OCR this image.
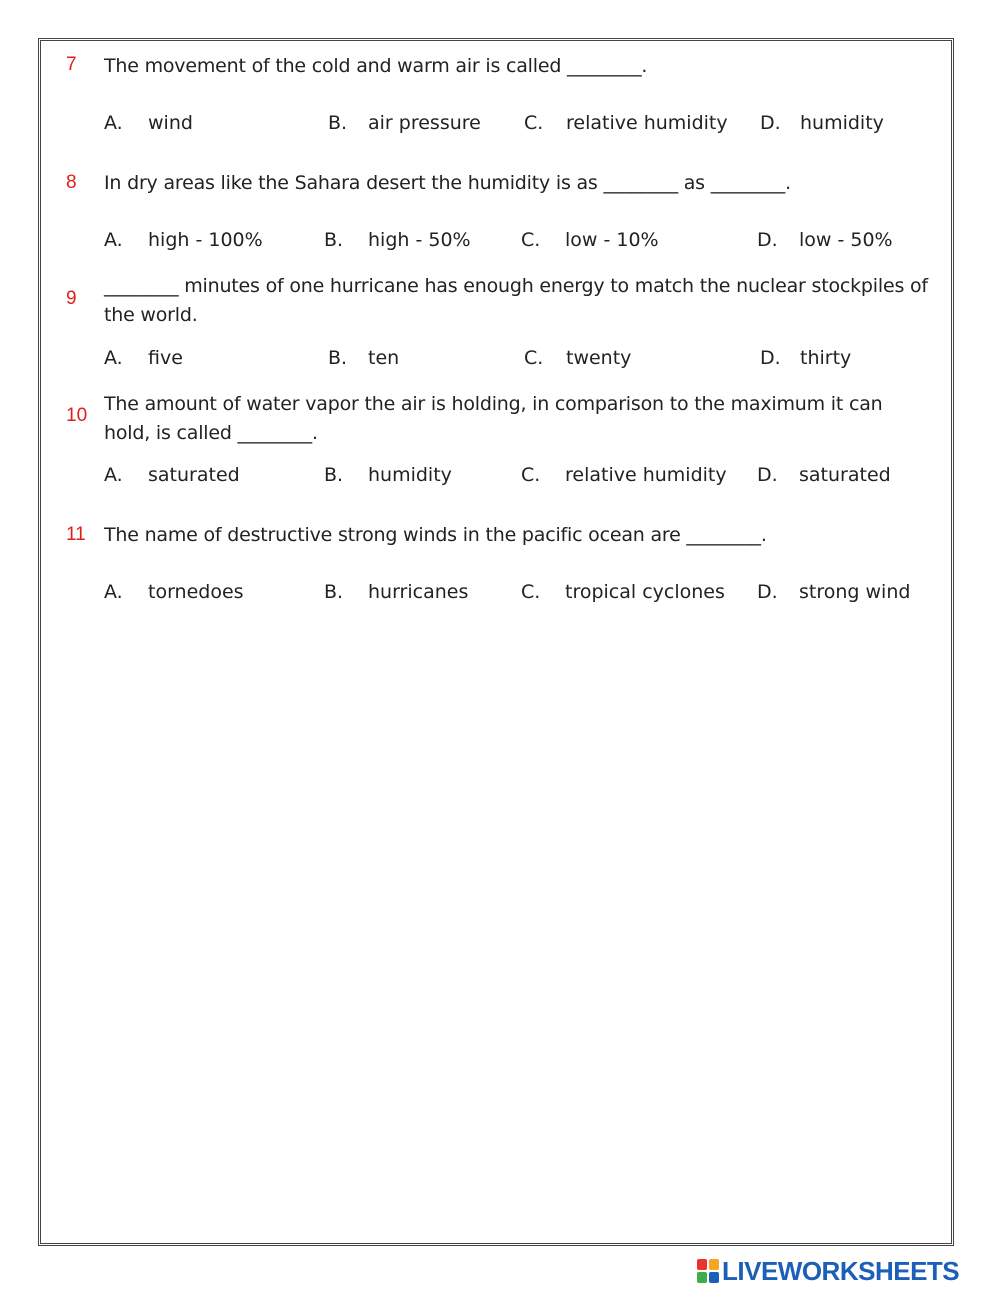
7 The movement of the cold and warm air is called ________.
A. wind	B. air pressure C. relative humidity D. humidity
8 In dry areas like the Sahara desert the humidity is as ________ as ________.
A. high - 100%	B. high - 50%	C. low - 10%	D. low - 50%
9
________ minutes of one hurricane has enough energy to match the nuclear stockpiles of the world.
A. five	B. ten	C. twenty	D. thirty
10
The amount of water vapor the air is holding, in comparison to the maximum it can hold, is called ________.
A. saturated	B. humidity	C. relative humidity D. saturated
11 The name of destructive strong winds in the pacific ocean are ________.
A. tornedoes	B. hurricanes	C. tropical cyclones D. strong wind
LIVEWORKSHEETS
